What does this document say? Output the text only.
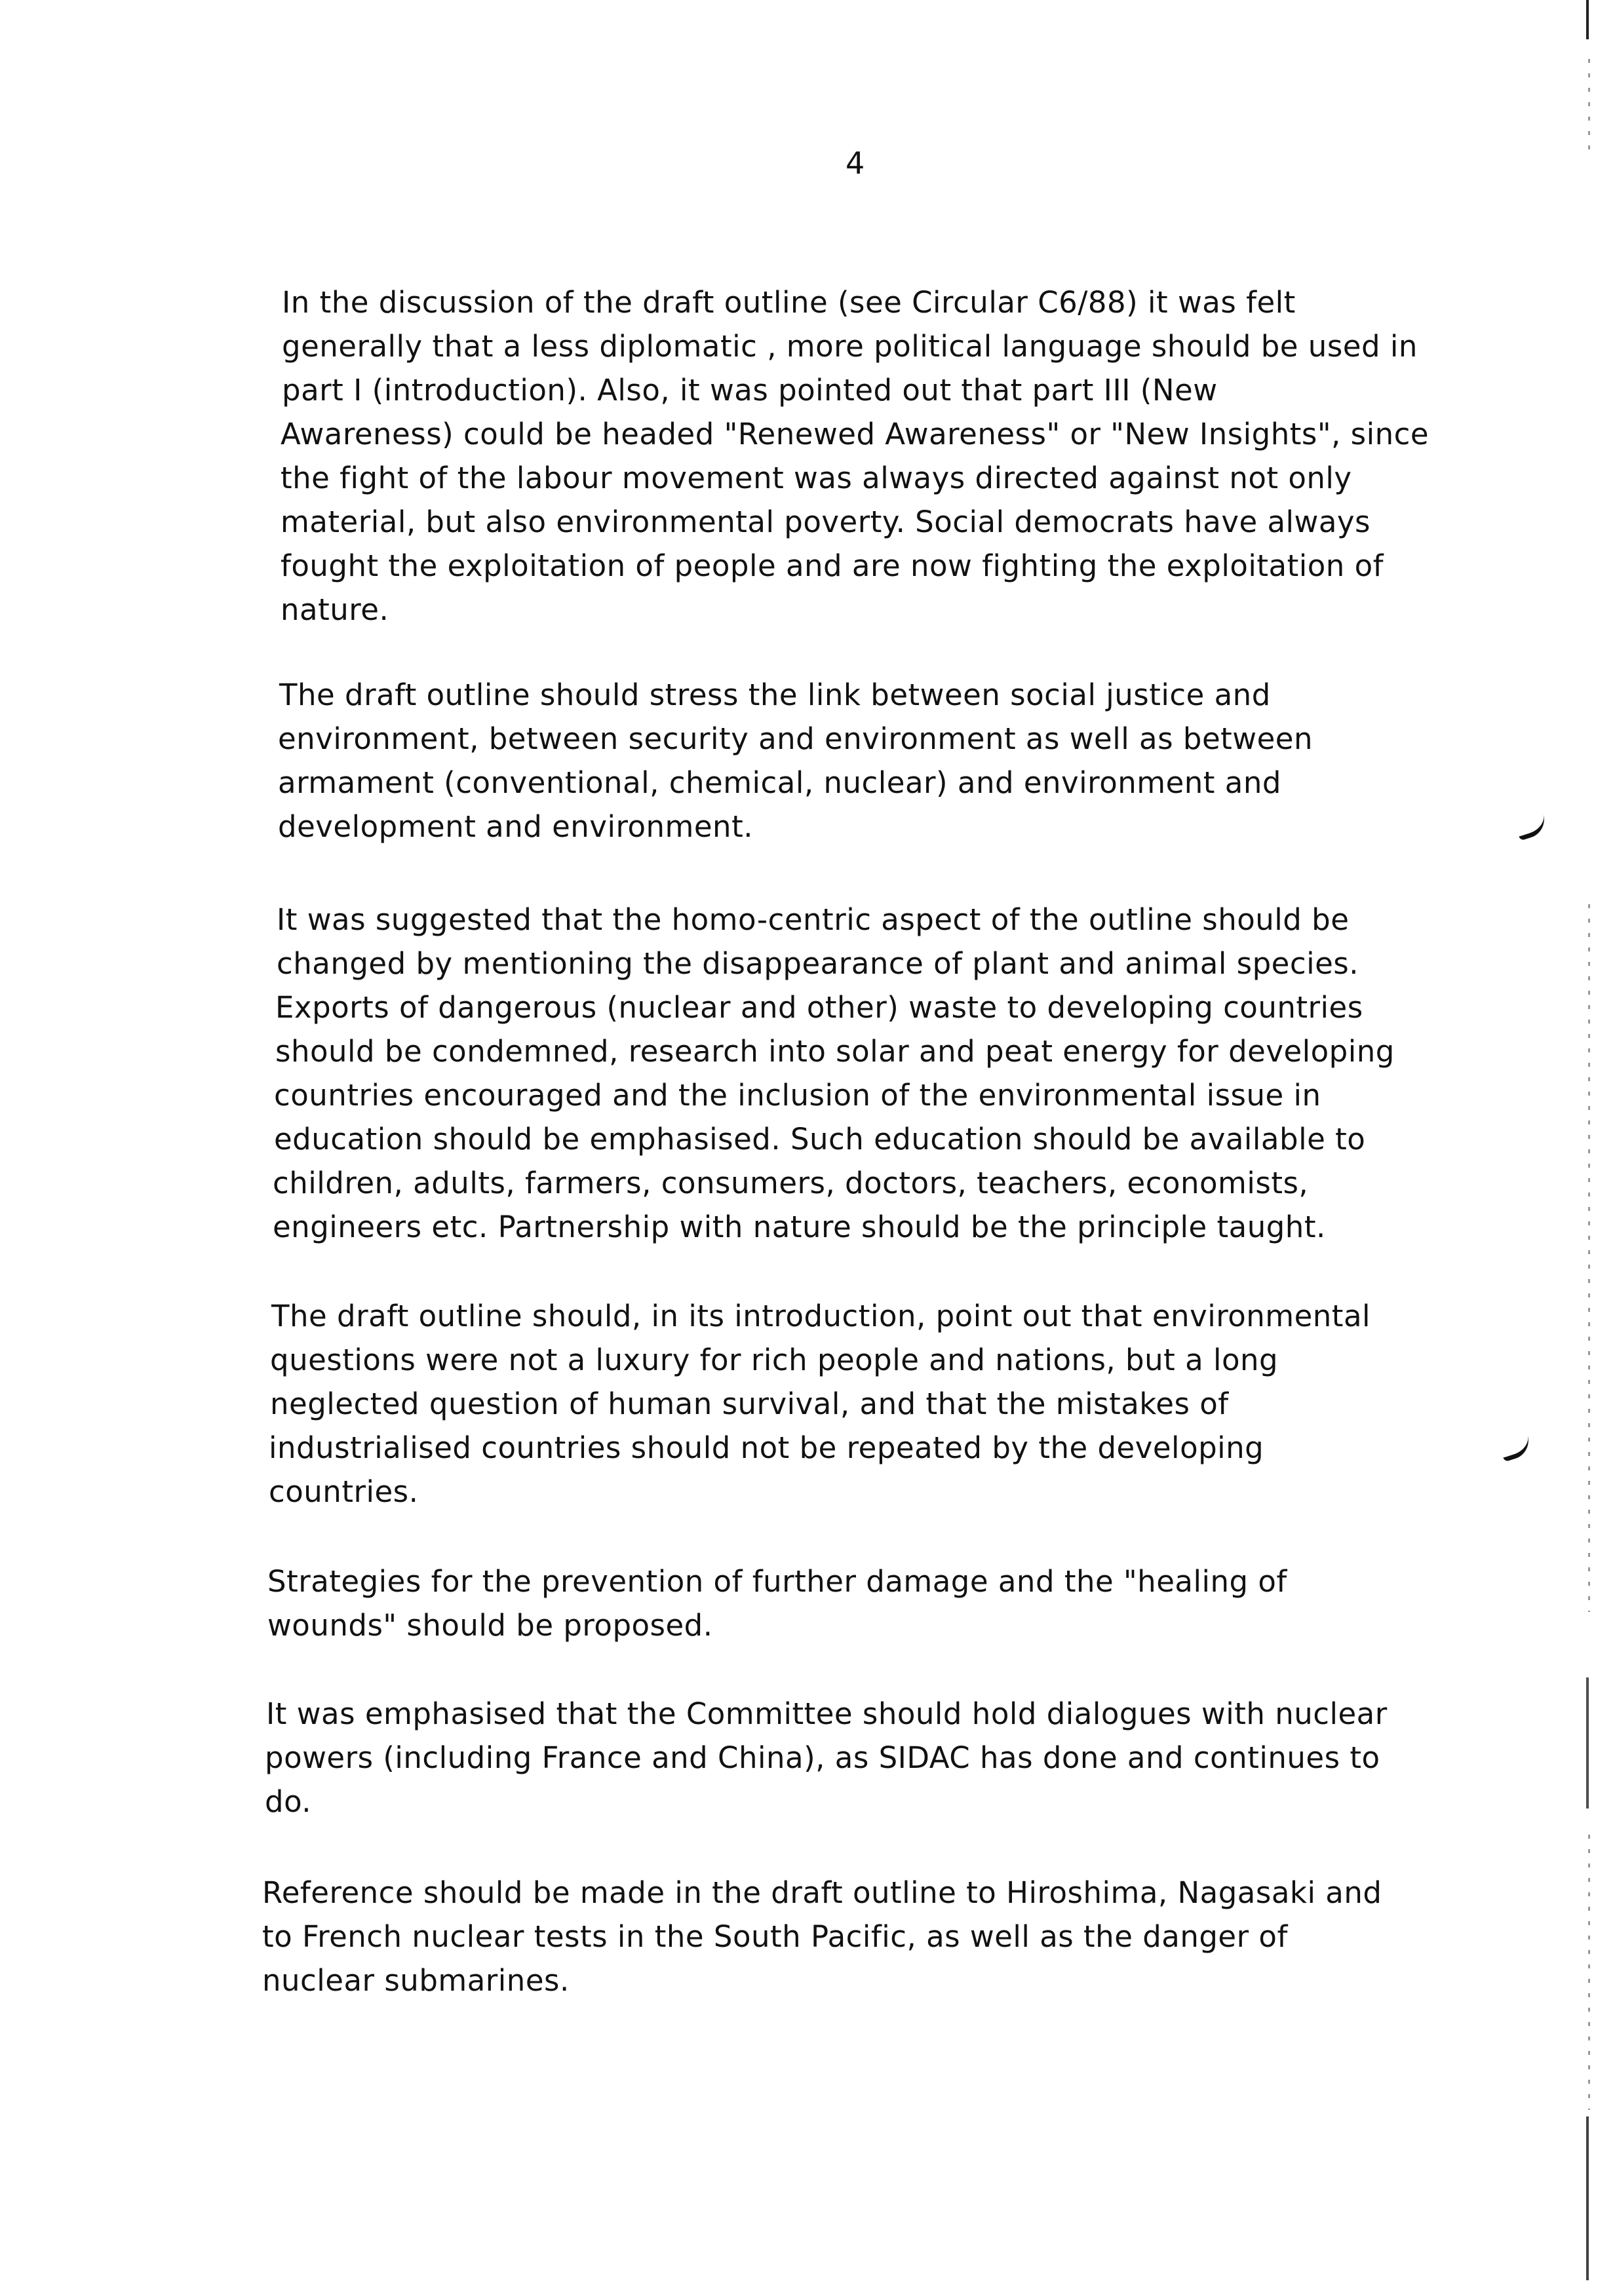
4

In the discussion of the draft outline (see Circular C6/88) it was felt
generally that a less diplomatic , more political language should be used in
part I (introduction). Also, it was pointed out that part III (New
Awareness) could be headed "Renewed Awareness" or "New Insights", since
the fight of the labour movement was always directed against not only
material, but also environmental poverty. Social democrats have always
fought the exploitation of people and are now fighting the exploitation of
nature.

The draft outline should stress the link between social justice and
environment, between security and environment as well as between
armament (conventional, chemical, nuclear) and environment and
development and environment.

It was suggested that the homo-centric aspect of the outline should be
changed by mentioning the disappearance of plant and animal species.
Exports of dangerous (nuclear and other) waste to developing countries
should be condemned, research into solar and peat energy for developing
countries encouraged and the inclusion of the environmental issue in
education should be emphasised. Such education should be available to
children, adults, farmers, consumers, doctors, teachers, economists,
engineers etc. Partnership with nature should be the principle taught.

The draft outline should, in its introduction, point out that environmental
questions were not a luxury for rich people and nations, but a long
neglected question of human survival, and that the mistakes of
industrialised countries should not be repeated by the developing
countries.

Strategies for the prevention of further damage and the "healing of
wounds" should be proposed.

It was emphasised that the Committee should hold dialogues with nuclear
powers (including France and China), as SIDAC has done and continues to
do.

Reference should be made in the draft outline to Hiroshima, Nagasaki and
to French nuclear tests in the South Pacific, as well as the danger of
nuclear submarines.
